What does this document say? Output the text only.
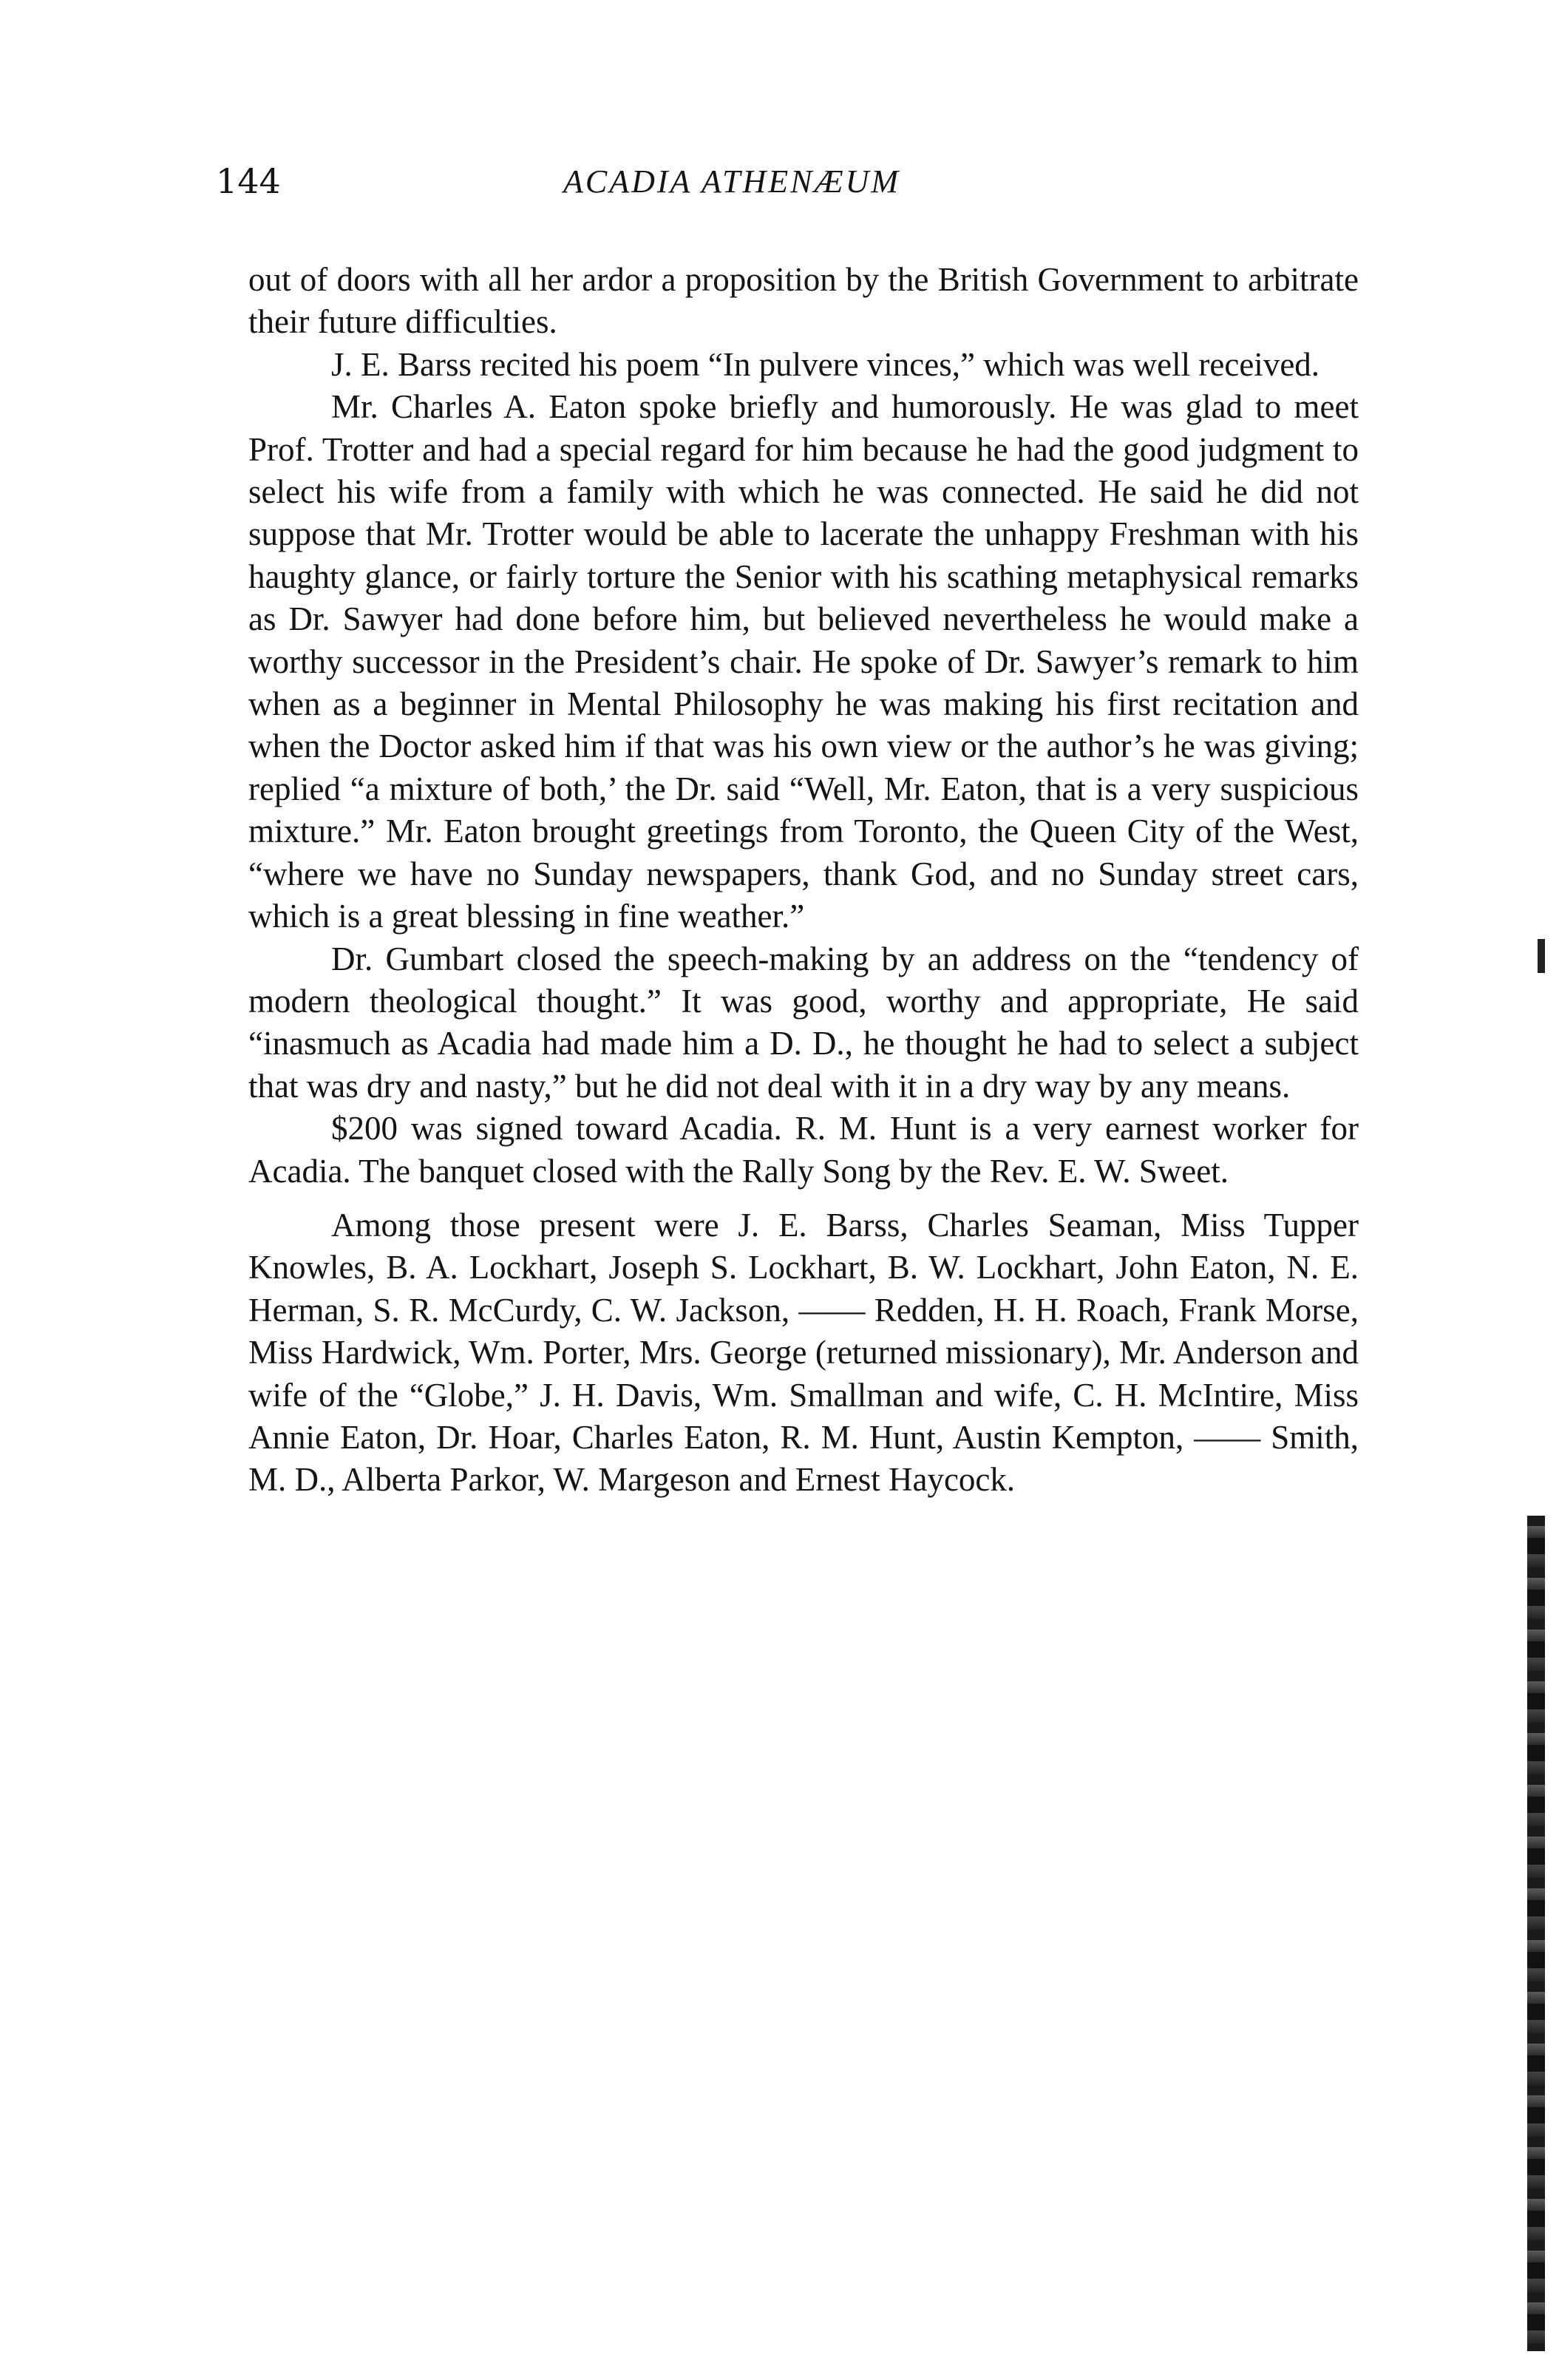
144	ACADIA ATHENÆUM

out of doors with all her ardor a proposition by the British Government to arbitrate their future difficulties.

J. E. Barss recited his poem “In pulvere vinces,” which was well received.

Mr. Charles A. Eaton spoke briefly and humorously. He was glad to meet Prof. Trotter and had a special regard for him because he had the good judgment to select his wife from a family with which he was connected. He said he did not suppose that Mr. Trotter would be able to lacerate the unhappy Freshman with his haughty glance, or fairly torture the Senior with his scathing metaphysical remarks as Dr. Sawyer had done before him, but believed nevertheless he would make a worthy successor in the President’s chair. He spoke of Dr. Sawyer’s remark to him when as a beginner in Mental Philosophy he was making his first recitation and when the Doctor asked him if that was his own view or the author’s he was giving; replied “a mixture of both,’ the Dr. said “Well, Mr. Eaton, that is a very suspicious mixture.” Mr. Eaton brought greetings from Toronto, the Queen City of the West, “where we have no Sunday newspapers, thank God, and no Sunday street cars, which is a great blessing in fine weather.”

Dr. Gumbart closed the speech-making by an address on the “tendency of modern theological thought.” It was good, worthy and appropriate, He said “inasmuch as Acadia had made him a D. D., he thought he had to select a subject that was dry and nasty,” but he did not deal with it in a dry way by any means.

$200 was signed toward Acadia. R. M. Hunt is a very earnest worker for Acadia. The banquet closed with the Rally Song by the Rev. E. W. Sweet.

Among those present were J. E. Barss, Charles Seaman, Miss Tupper Knowles, B. A. Lockhart, Joseph S. Lockhart, B. W. Lockhart, John Eaton, N. E. Herman, S. R. McCurdy, C. W. Jackson, —— Redden, H. H. Roach, Frank Morse, Miss Hardwick, Wm. Porter, Mrs. George (returned missionary), Mr. Anderson and wife of the “Globe,” J. H. Davis, Wm. Smallman and wife, C. H. McIntire, Miss Annie Eaton, Dr. Hoar, Charles Eaton, R. M. Hunt, Austin Kempton, —— Smith, M. D., Alberta Parkor, W. Margeson and Ernest Haycock.
